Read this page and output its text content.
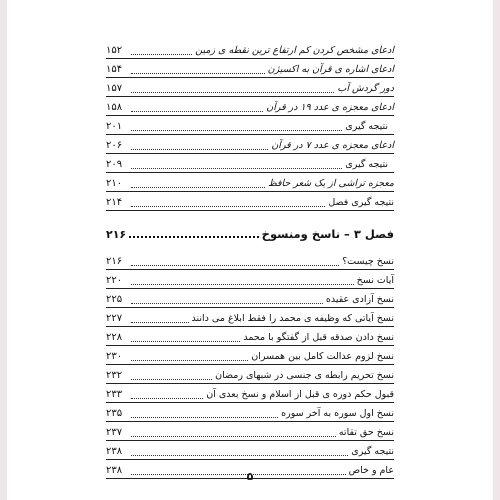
۱۵۲	ادعای مشخص کردن کم ارتفاع ترین نقطه ی زمین
۱۵۴	ادعای اشاره ی قرآن به اکسیژن
۱۵۷	دور گردش آب
۱۵۸	ادعای معجزه ی عدد ۱۹ در قرآن
۲۰۱	نتیجه گیری
۲۰۶	ادعای معجزه ی عدد ۷ در قرآن
۲۰۹	نتیجه گیری
۲۱۰	معجزه تراشی از یک شعر حافظ
۲۱۴	نتیجه گیری فصل
۲۱۶	فصل ۳ – ناسخ ومنسوخ
۲۱۶	نسخ چیست؟
۲۲۰	آیات نسخ
۲۲۵	نسخ آزادی عقیده
۲۲۷	نسخ آیاتی که وظیفه ی محمد را فقط ابلاغ می دانند
۲۲۸	نسخ دادن صدقه قبل از گفتگو با محمد
۲۳۰	نسخ لزوم عدالت کامل بین همسران
۲۳۲	نسخ تحریم رابطه ی جنسی در شبهای رمضان
۲۳۳	قبول حکم دوره ی قبل از اسلام و نسخ بعدی آن
۲۳۵	نسخ اول سوره به آخر سوره
۲۳۷	نسخ حق تقاته
۲۳۸	نتیجه گیری
۲۳۸	عام و خاص
۵
